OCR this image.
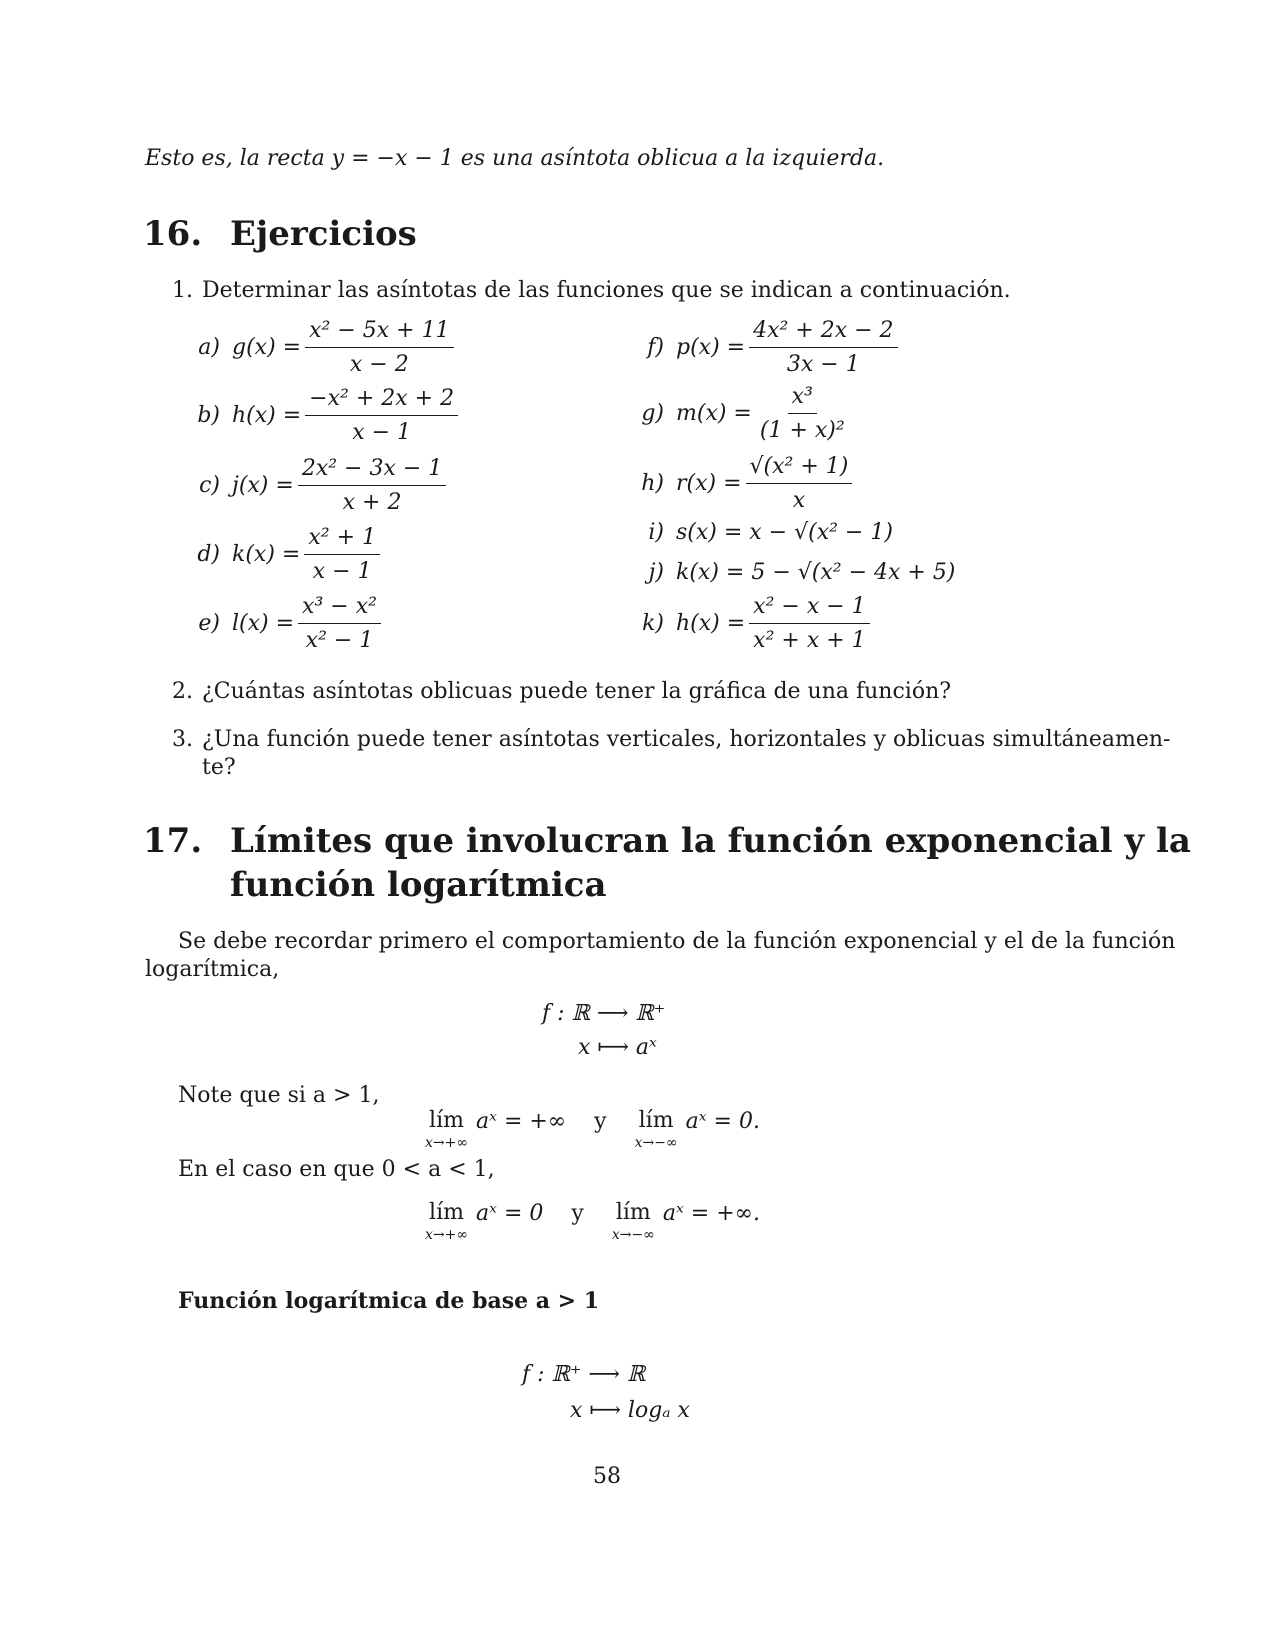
Esto es, la recta y = −x − 1 es una asíntota oblicua a la izquierda.
16. Ejercicios
1. Determinar las asíntotas de las funciones que se indican a continuación.
a) $g(x) = \frac{\text{x² − 5x + 11}}{x - 2}$
b) $h(x) = \frac{\text{−x² + 2x + 2}}{x - 1}$
c) $j(x) = \frac{\text{2x² − 3x − 1}}{x + 2}$
d) $k(x) = \frac{\text{x² + 1}}{x - 1}$
e) $l(x) = \frac{\text{x³ − x²}}{\text{x² − 1}}$
f) $p(x) = \frac{\text{4x² + 2x − 2}}{3x - 1}$
g) $m(x) = \frac{\text{x³}}{\text{(1 + x)²}}$
h) $r(x) = \frac{\text{√(x² + 1)}}{x}$
i) s(x) = x − √(x² − 1)
j) k(x) = 5 − √(x² − 4x + 5)
k) $h(x) = \frac{\text{x² − x − 1}}{\text{x² + x + 1}}$
2. ¿Cuántas asíntotas oblicuas puede tener la gráfica de una función?
3. ¿Una función puede tener asíntotas verticales, horizontales y oblicuas simultáneamen-
te?
17. Límites que involucran la función exponencial y la
función logarítmica
Se debe recordar primero el comportamiento de la función exponencial y el de la función
logarítmica,
f : ℝ ⟶ ℝ⁺
x ⟼ aˣ
Note que si a > 1,
lím
x→+∞
aˣ = +∞ y lím
x→−∞
aˣ = 0.
En el caso en que 0 < a < 1,
lím
x→+∞
aˣ = 0 y lím
x→−∞
aˣ = +∞.
Función logarítmica de base a > 1
f : ℝ⁺ ⟶ ℝ
x ⟼ logₐ x
58
